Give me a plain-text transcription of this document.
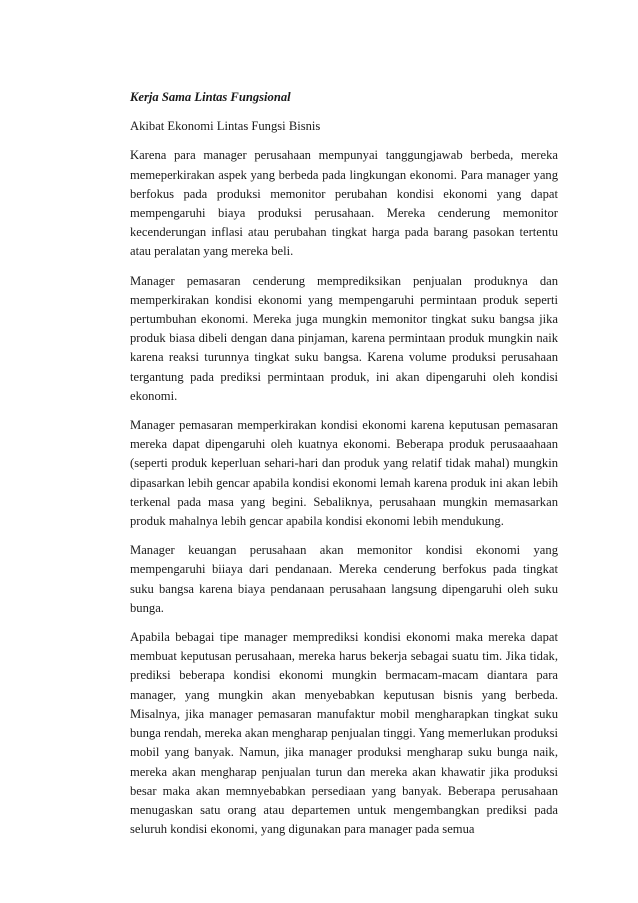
Kerja Sama Lintas Fungsional
Akibat Ekonomi Lintas Fungsi Bisnis

Karena para manager perusahaan mempunyai tanggungjawab berbeda, mereka memeperkirakan aspek yang berbeda pada lingkungan ekonomi. Para manager yang berfokus pada produksi memonitor perubahan kondisi ekonomi yang dapat mempengaruhi biaya produksi perusahaan. Mereka cenderung memonitor kecenderungan inflasi atau perubahan tingkat harga pada barang pasokan tertentu atau peralatan yang mereka beli.

Manager pemasaran cenderung memprediksikan penjualan produknya dan memperkirakan kondisi ekonomi yang mempengaruhi permintaan produk seperti pertumbuhan ekonomi. Mereka juga mungkin memonitor tingkat suku bangsa jika produk biasa dibeli dengan dana pinjaman, karena permintaan produk mungkin naik karena reaksi turunnya tingkat suku bangsa. Karena volume produksi perusahaan tergantung pada prediksi permintaan produk, ini akan dipengaruhi oleh kondisi ekonomi.

Manager pemasaran memperkirakan kondisi ekonomi karena keputusan pemasaran mereka dapat dipengaruhi oleh kuatnya ekonomi. Beberapa produk perusaaahaan (seperti produk keperluan sehari-hari dan produk yang relatif tidak mahal) mungkin dipasarkan lebih gencar apabila kondisi ekonomi lemah karena produk ini akan lebih terkenal pada masa yang begini. Sebaliknya, perusahaan mungkin memasarkan produk mahalnya lebih gencar apabila kondisi ekonomi lebih mendukung.

Manager keuangan perusahaan akan memonitor kondisi ekonomi yang mempengaruhi biiaya dari pendanaan. Mereka cenderung berfokus pada tingkat suku bangsa karena biaya pendanaan perusahaan langsung dipengaruhi oleh suku bunga.

Apabila bebagai tipe manager memprediksi kondisi ekonomi maka mereka dapat membuat keputusan perusahaan, mereka harus bekerja sebagai suatu tim. Jika tidak, prediksi beberapa kondisi ekonomi mungkin bermacam-macam diantara para manager, yang mungkin akan menyebabkan keputusan bisnis yang berbeda. Misalnya, jika manager pemasaran manufaktur mobil mengharapkan tingkat suku bunga rendah, mereka akan mengharap penjualan tinggi. Yang memerlukan produksi mobil yang banyak. Namun, jika manager produksi mengharap suku bunga naik, mereka akan mengharap penjualan turun dan mereka akan khawatir jika produksi besar maka akan memnyebabkan persediaan yang banyak. Beberapa perusahaan menugaskan satu orang atau departemen untuk mengembangkan prediksi pada seluruh kondisi ekonomi, yang digunakan para manager pada semua
